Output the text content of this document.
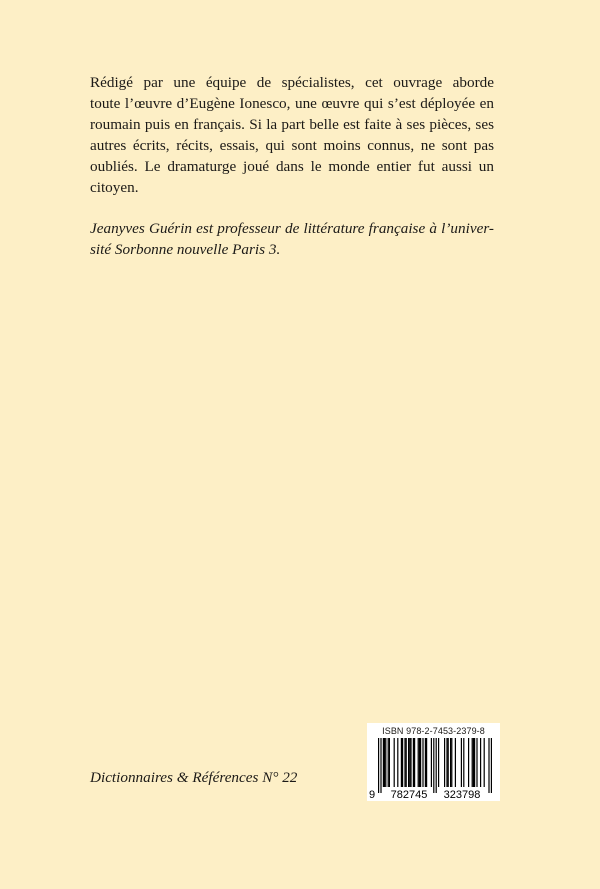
Rédigé par une équipe de spécialistes, cet ouvrage aborde
toute l’œuvre d’Eugène Ionesco, une œuvre qui s’est déployée en
roumain puis en français. Si la part belle est faite à ses pièces, ses
autres écrits, récits, essais, qui sont moins connus, ne sont pas
oubliés. Le dramaturge joué dans le monde entier fut aussi un
citoyen.

Jeanyves Guérin est professeur de littérature française à l’univer-
sité Sorbonne nouvelle Paris 3.

Dictionnaires & Références N° 22
ISBN 978-2-7453-2379-8
9 782745 323798
